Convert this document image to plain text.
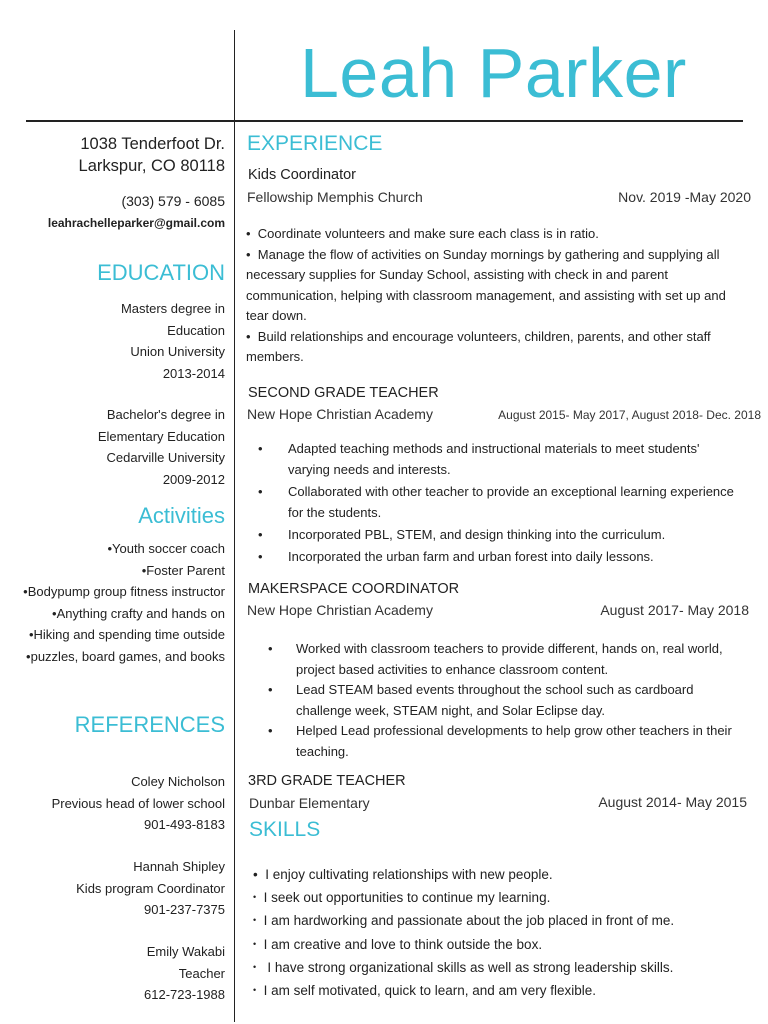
Leah Parker
1038 Tenderfoot Dr.
Larkspur, CO 80118
(303) 579 - 6085
leahrachelleparker@gmail.com
EDUCATION
Masters degree in
Education
Union University
2013-2014
Bachelor's degree in
Elementary Education
Cedarville University
2009-2012
Activities
•Youth soccer coach
•Foster Parent
•Bodypump group fitness instructor
•Anything crafty and hands on
•Hiking and spending time outside
•puzzles, board games, and books
REFERENCES
Coley Nicholson
Previous head of lower school
901-493-8183
Hannah Shipley
Kids program Coordinator
901-237-7375
Emily Wakabi
Teacher
612-723-1988
EXPERIENCE
Kids Coordinator
Fellowship Memphis Church	Nov. 2019 -May 2020
•  Coordinate volunteers and make sure each class is in ratio.
•  Manage the flow of activities on Sunday mornings by gathering and supplying all necessary supplies for Sunday School, assisting with check in and parent communication, helping with classroom management, and assisting with set up and tear down.
•  Build relationships and encourage volunteers, children, parents, and other staff members.
SECOND GRADE TEACHER
New Hope Christian Academy	August 2015- May 2017, August 2018- Dec. 2018
• Adapted teaching methods and instructional materials to meet students' varying needs and interests.
• Collaborated with other teacher to provide an exceptional learning experience for the students.
• Incorporated PBL, STEM, and design thinking into the curriculum.
• Incorporated the urban farm and urban forest into daily lessons.
MAKERSPACE COORDINATOR
New Hope Christian Academy	August 2017- May 2018
• Worked with classroom teachers to provide different, hands on, real world, project based activities to enhance classroom content.
• Lead STEAM based events throughout the school such as cardboard challenge week, STEAM night, and Solar Eclipse day.
• Helped Lead professional developments to help grow other teachers in their teaching.
3RD GRADE TEACHER
Dunbar Elementary	August 2014- May 2015
SKILLS
•  I enjoy cultivating relationships with new people.
•   I seek out opportunities to continue my learning.
•   I am hardworking and passionate about the job placed in front of me.
•   I am creative and love to think outside the box.
•    I have strong organizational skills as well as strong leadership skills.
•   I am self motivated, quick to learn, and am very flexible.
